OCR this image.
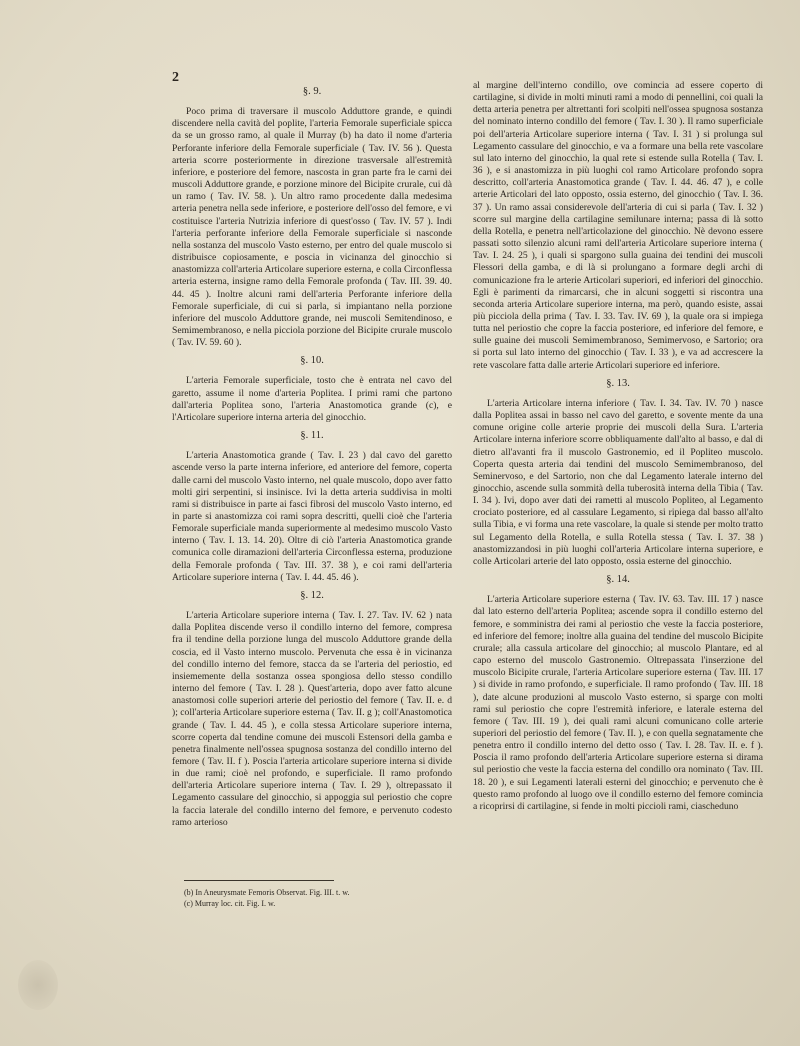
2
§. 9.

Poco prima di traversare il muscolo Adduttore grande, e quindi discendere nella cavità del poplite, l'arteria Femorale superficiale spicca da se un grosso ramo, al quale il Murray (b) ha dato il nome d'arteria Perforante inferiore della Femorale superficiale ( Tav. IV. 56 ). Questa arteria scorre posteriormente in direzione trasversale all'estremità inferiore, e posteriore del femore, nascosta in gran parte fra le carni dei muscoli Adduttore grande, e porzione minore del Bicipite crurale, cui dà un ramo ( Tav. IV. 58. ). Un altro ramo procedente dalla medesima arteria penetra nella sede inferiore, e posteriore dell'osso del femore, e vi costituisce l'arteria Nutrizia inferiore di quest'osso ( Tav. IV. 57 ). Indi l'arteria perforante inferiore della Femorale superficiale si nasconde nella sostanza del muscolo Vasto esterno, per entro del quale muscolo si distribuisce copiosamente, e poscia in vicinanza del ginocchio si anastomizza coll'arteria Articolare superiore esterna, e colla Circonflessa arteria esterna, insigne ramo della Femorale profonda ( Tav. III. 39. 40. 44. 45 ). Inoltre alcuni rami dell'arteria Perforante inferiore della Femorale superficiale, di cui si parla, si impiantano nella porzione inferiore del muscolo Adduttore grande, nei muscoli Semitendinoso, e Semimembranoso, e nella picciola porzione del Bicipite crurale muscolo ( Tav. IV. 59. 60 ).

§. 10.

L'arteria Femorale superficiale, tosto che è entrata nel cavo del garetto, assume il nome d'arteria Poplitea. I primi rami che partono dall'arteria Poplitea sono, l'arteria Anastomotica grande (c), e l'Articolare superiore interna arteria del ginocchio.

§. 11.

L'arteria Anastomotica grande ( Tav. I. 23 ) dal cavo del garetto ascende verso la parte interna inferiore, ed anteriore del femore, coperta dalle carni del muscolo Vasto interno, nel quale muscolo, dopo aver fatto molti giri serpentini, si insinisce. Ivi la detta arteria suddivisa in molti rami si distribuisce in parte ai fasci fibrosi del muscolo Vasto interno, ed in parte si anastomizza coi rami sopra descritti, quelli cioè che l'arteria Femorale superficiale manda superiormente al medesimo muscolo Vasto interno ( Tav. I. 13. 14. 20). Oltre di ciò l'arteria Anastomotica grande comunica colle diramazioni dell'arteria Circonflessa esterna, produzione della Femorale profonda ( Tav. III. 37. 38 ), e coi rami dell'arteria Articolare superiore interna ( Tav. I. 44. 45. 46 ).

§. 12.

L'arteria Articolare superiore interna ( Tav. I. 27. Tav. IV. 62 ) nata dalla Poplitea discende verso il condillo interno del femore, compresa fra il tendine della porzione lunga del muscolo Adduttore grande della coscia, ed il Vasto interno muscolo. Pervenuta che essa è in vicinanza del condillo interno del femore, stacca da se l'arteria del periostio, ed insiememente della sostanza ossea spongiosa dello stesso condillo interno del femore ( Tav. I. 28 ). Quest'arteria, dopo aver fatto alcune anastomosi colle superiori arterie del periostio del femore ( Tav. II. e. d ); coll'arteria Articolare superiore esterna ( Tav. II. g ); coll'Anastomotica grande ( Tav. I. 44. 45 ), e colla stessa Articolare superiore interna, scorre coperta dal tendine comune dei muscoli Estensori della gamba e penetra finalmente nell'ossea spugnosa sostanza del condillo interno del femore ( Tav. II. f ). Poscia l'arteria articolare superiore interna si divide in due rami; cioè nel profondo, e superficiale. Il ramo profondo dell'arteria Articolare superiore interna ( Tav. I. 29 ), oltrepassato il Legamento cassulare del ginocchio, si appoggia sul periostio che copre la faccia laterale del condillo interno del femore, e pervenuto codesto ramo arterioso

al margine dell'interno condillo, ove comincia ad essere coperto di cartilagine, si divide in molti minuti rami a modo di pennellini, coi quali la detta arteria penetra per altrettanti fori scolpiti nell'ossea spugnosa sostanza del nominato interno condillo del femore ( Tav. I. 30 ). Il ramo superficiale poi dell'arteria Articolare superiore interna ( Tav. I. 31 ) si prolunga sul Legamento cassulare del ginocchio, e va a formare una bella rete vascolare sul lato interno del ginocchio, la qual rete si estende sulla Rotella ( Tav. I. 36 ), e si anastomizza in più luoghi col ramo Articolare profondo sopra descritto, coll'arteria Anastomotica grande ( Tav. I. 44. 46. 47 ), e colle arterie Articolari del lato opposto, ossia esterno, del ginocchio ( Tav. I. 36. 37 ). Un ramo assai considerevole dell'arteria di cui si parla ( Tav. I. 32 ) scorre sul margine della cartilagine semilunare interna; passa di là sotto della Rotella, e penetra nell'articolazione del ginocchio. Nè devono essere passati sotto silenzio alcuni rami dell'arteria Articolare superiore interna ( Tav. I. 24. 25 ), i quali si spargono sulla guaina dei tendini dei muscoli Flessori della gamba, e di là si prolungano a formare degli archi di comunicazione fra le arterie Articolari superiori, ed inferiori del ginocchio. Egli è parimenti da rimarcarsi, che in alcuni soggetti si riscontra una seconda arteria Articolare superiore interna, ma però, quando esiste, assai più picciola della prima ( Tav. I. 33. Tav. IV. 69 ), la quale ora si impiega tutta nel periostio che copre la faccia posteriore, ed inferiore del femore, e sulle guaine dei muscoli Semimembranoso, Semimervoso, e Sartorio; ora si porta sul lato interno del ginocchio ( Tav. I. 33 ), e va ad accrescere la rete vascolare fatta dalle arterie Articolari superiore ed inferiore.

§. 13.

L'arteria Articolare interna inferiore ( Tav. I. 34. Tav. IV. 70 ) nasce dalla Poplitea assai in basso nel cavo del garetto, e sovente mente da una comune origine colle arterie proprie dei muscoli della Sura. L'arteria Articolare interna inferiore scorre obbliquamente dall'alto al basso, e dal di dietro all'avanti fra il muscolo Gastronemio, ed il Popliteo muscolo. Coperta questa arteria dai tendini del muscolo Semimembranoso, del Seminervoso, e del Sartorio, non che dal Legamento laterale interno del ginocchio, ascende sulla sommità della tuberosità interna della Tibia ( Tav. I. 34 ). Ivi, dopo aver dati dei rametti al muscolo Popliteo, al Legamento crociato posteriore, ed al cassulare Legamento, si ripiega dal basso all'alto sulla Tibia, e vi forma una rete vascolare, la quale si stende per molto tratto sul Legamento della Rotella, e sulla Rotella stessa ( Tav. I. 37. 38 ) anastomizzandosi in più luoghi coll'arteria Articolare interna superiore, e colle Articolari arterie del lato opposto, ossia esterne del ginocchio.

§. 14.

L'arteria Articolare superiore esterna ( Tav. IV. 63. Tav. III. 17 ) nasce dal lato esterno dell'arteria Poplitea; ascende sopra il condillo esterno del femore, e somministra dei rami al periostio che veste la faccia posteriore, ed inferiore del femore; inoltre alla guaina del tendine del muscolo Bicipite crurale; alla cassula articolare del ginocchio; al muscolo Plantare, ed al capo esterno del muscolo Gastronemio. Oltrepassata l'inserzione del muscolo Bicipite crurale, l'arteria Articolare superiore esterna ( Tav. III. 17 ) si divide in ramo profondo, e superficiale. Il ramo profondo ( Tav. III. 18 ), date alcune produzioni al muscolo Vasto esterno, si sparge con molti rami sul periostio che copre l'estremità inferiore, e laterale esterna del femore ( Tav. III. 19 ), dei quali rami alcuni comunicano colle arterie superiori del periostio del femore ( Tav. II. ), e con quella segnatamente che penetra entro il condillo interno del detto osso ( Tav. I. 28. Tav. II. e. f ). Poscia il ramo profondo dell'arteria Articolare superiore esterna si dirama sul periostio che veste la faccia esterna del condillo ora nominato ( Tav. III. 18. 20 ), e sui Legamenti laterali esterni del ginocchio; e pervenuto che è questo ramo profondo al luogo ove il condillo esterno del femore comincia a ricoprirsi di cartilagine, si fende in molti piccioli rami, ciascheduno

(b) In Aneurysmate Femoris Observat. Fig. III. t. w.
(c) Murray loc. cit. Fig. I. w.
